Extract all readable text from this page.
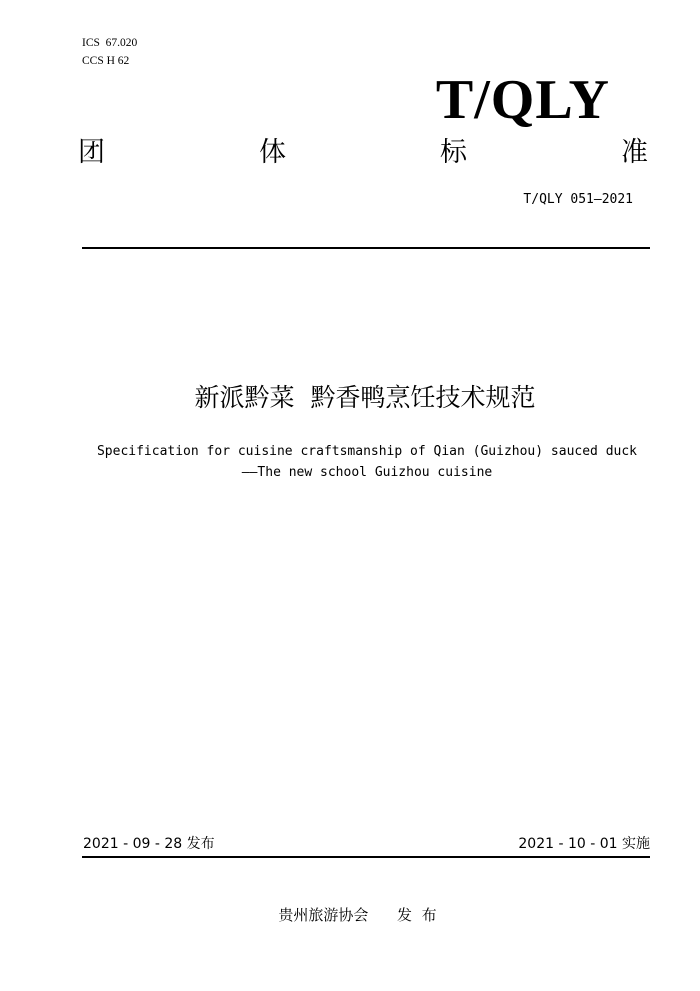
ICS  67.020
CCS H 62
T/QLY
团	体	标	准
T/QLY 051—2021
新派黔菜  黔香鸭烹饪技术规范
Specification for cuisine craftsmanship of Qian (Guizhou) sauced duck
——The new school Guizhou cuisine
2021 - 09 - 28 发布	2021 - 10 - 01 实施
贵州旅游协会      发  布
